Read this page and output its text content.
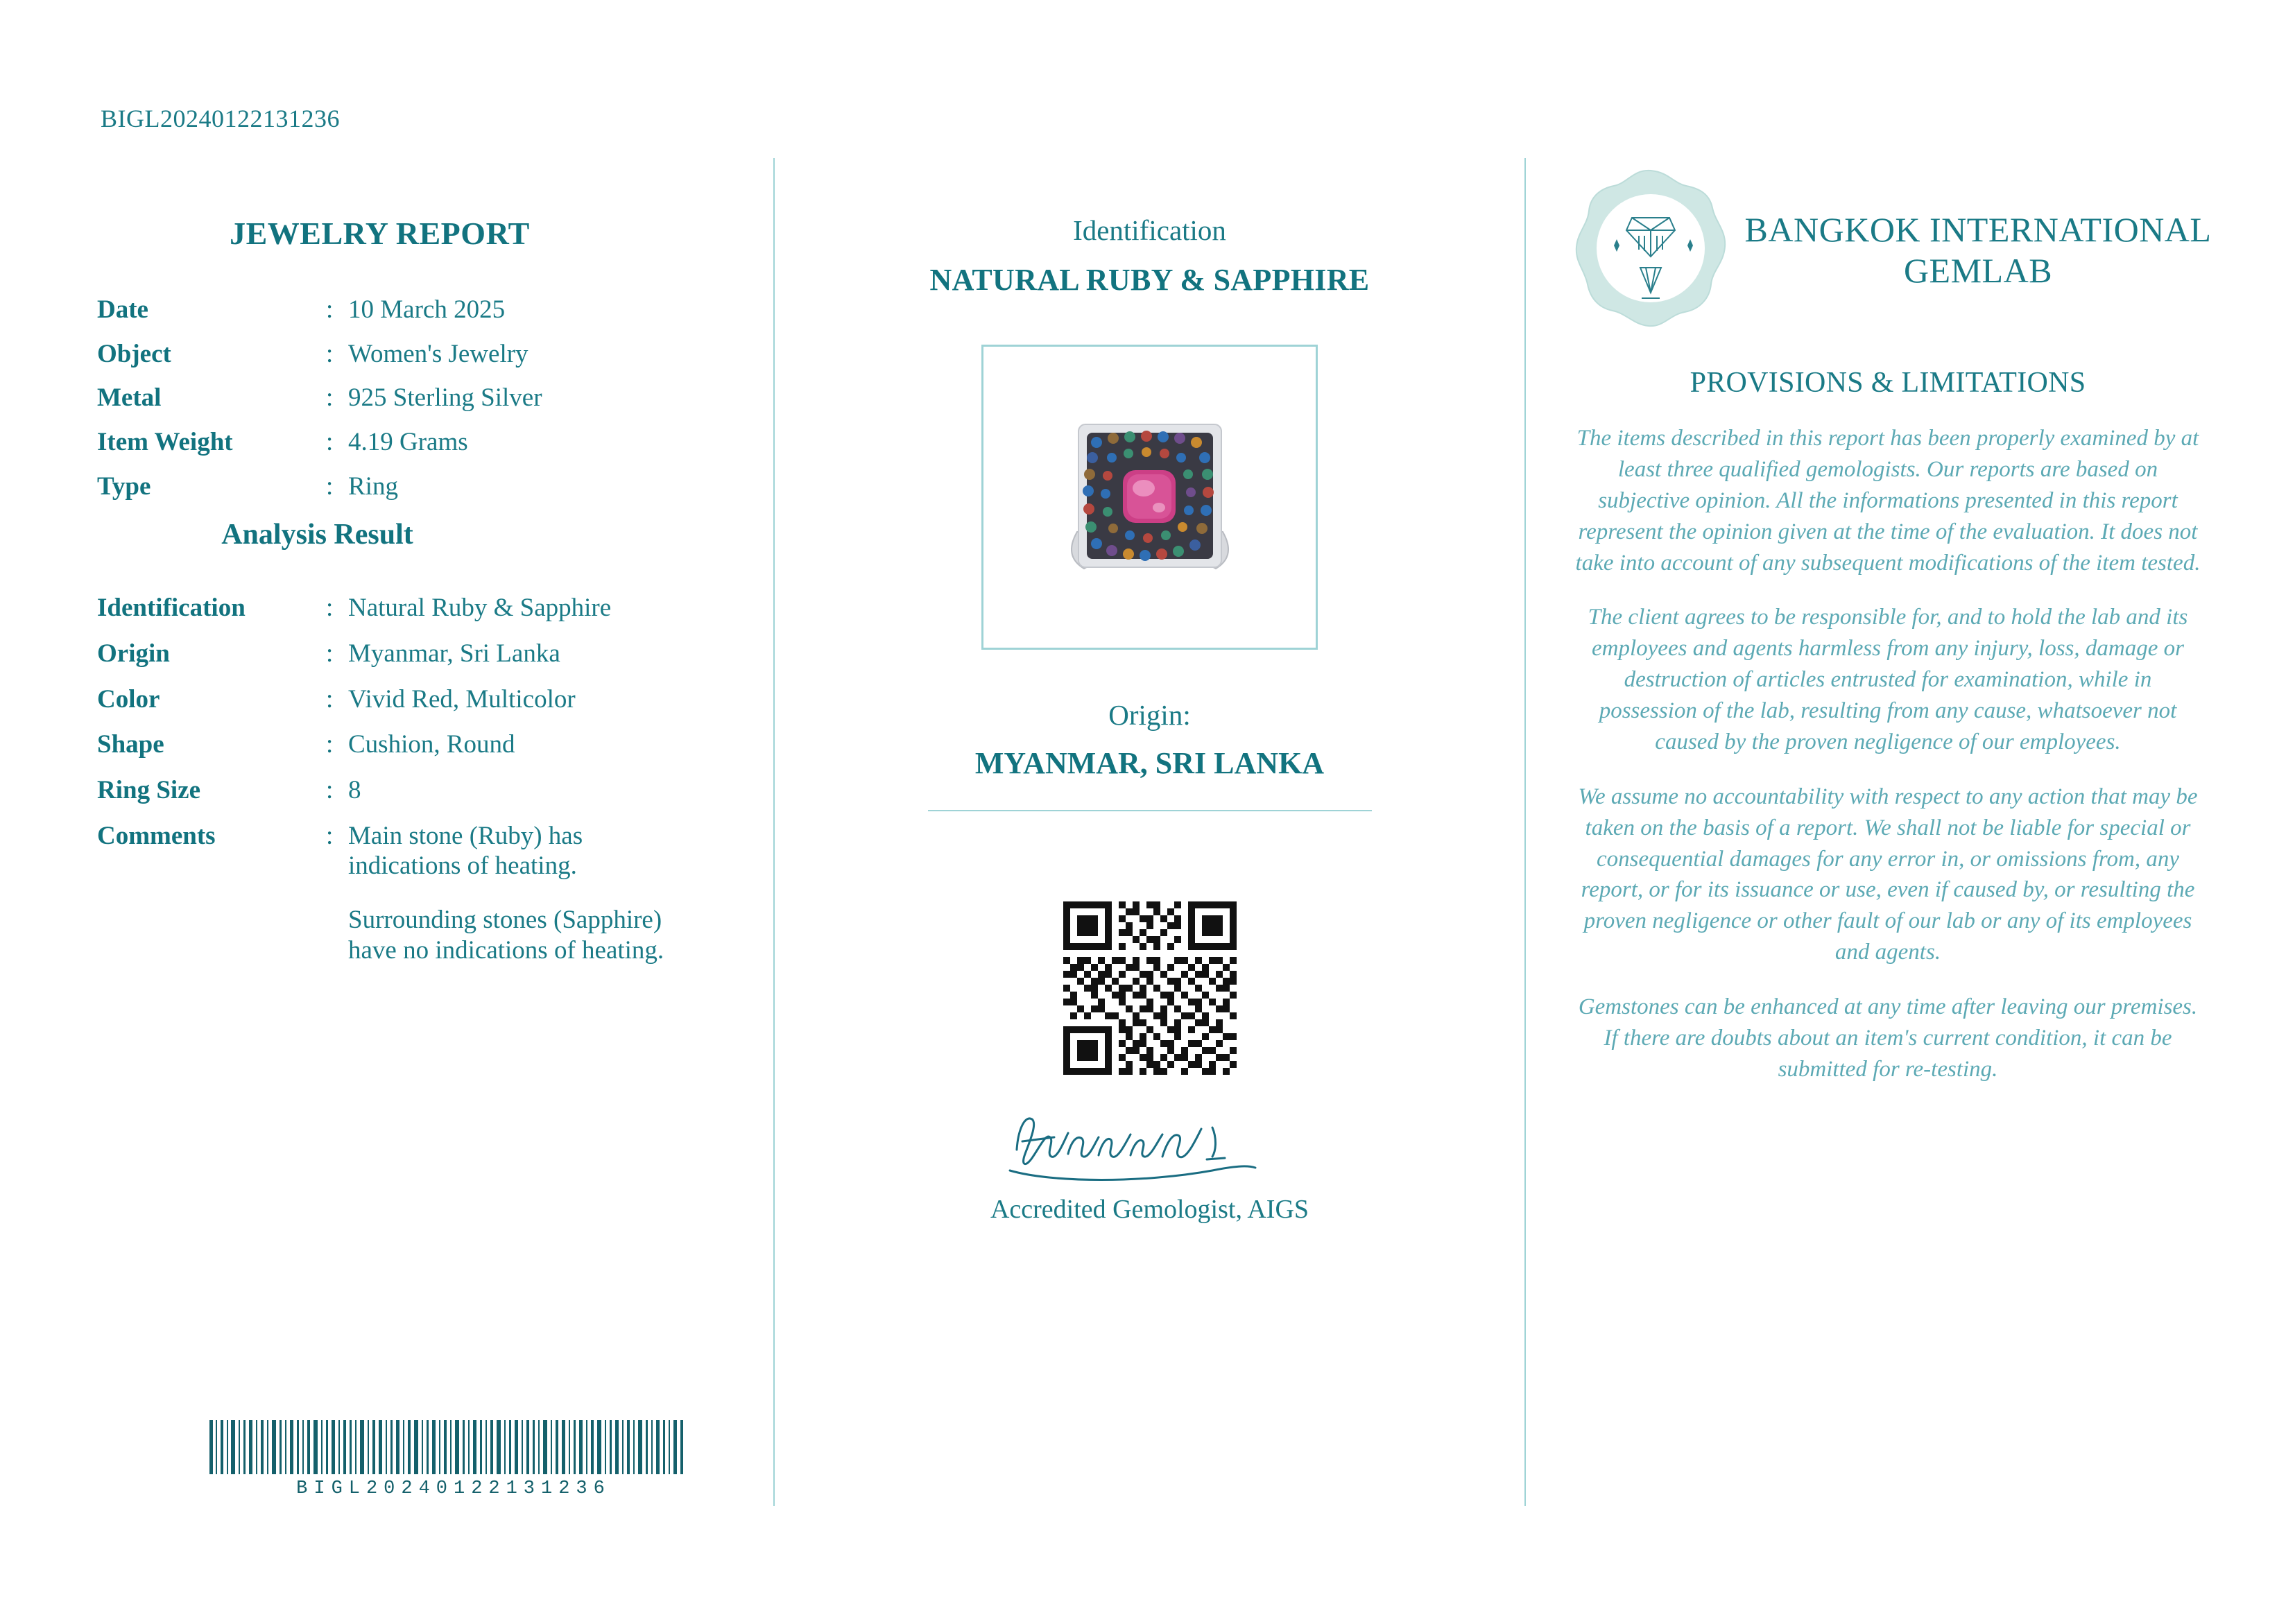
BIGL20240122131236
JEWELRY REPORT
Date	: 10 March 2025
Object	: Women's Jewelry
Metal	: 925 Sterling Silver
Item Weight	: 4.19 Grams
Type	: Ring
Analysis Result
Identification	: Natural Ruby & Sapphire
Origin	: Myanmar, Sri Lanka
Color	: Vivid Red, Multicolor
Shape	: Cushion, Round
Ring Size	: 8
Comments	: Main stone (Ruby) has indications of heating.
Surrounding stones (Sapphire) have no indications of heating.
BIGL20240122131236
Identification
NATURAL RUBY & SAPPHIRE
Origin:
MYANMAR, SRI LANKA
Accredited Gemologist, AIGS
BANGKOK INTERNATIONAL GEMLAB
PROVISIONS & LIMITATIONS
The items described in this report has been properly examined by at least three qualified gemologists. Our reports are based on subjective opinion. All the informations presented in this report represent the opinion given at the time of the evaluation. It does not take into account of any subsequent modifications of the item tested.
The client agrees to be responsible for, and to hold the lab and its employees and agents harmless from any injury, loss, damage or destruction of articles entrusted for examination, while in possession of the lab, resulting from any cause, whatsoever not caused by the proven negligence of our employees.
We assume no accountability with respect to any action that may be taken on the basis of a report. We shall not be liable for special or consequential damages for any error in, or omissions from, any report, or for its issuance or use, even if caused by, or resulting the proven negligence or other fault of our lab or any of its employees and agents.
Gemstones can be enhanced at any time after leaving our premises. If there are doubts about an item's current condition, it can be submitted for re-testing.
